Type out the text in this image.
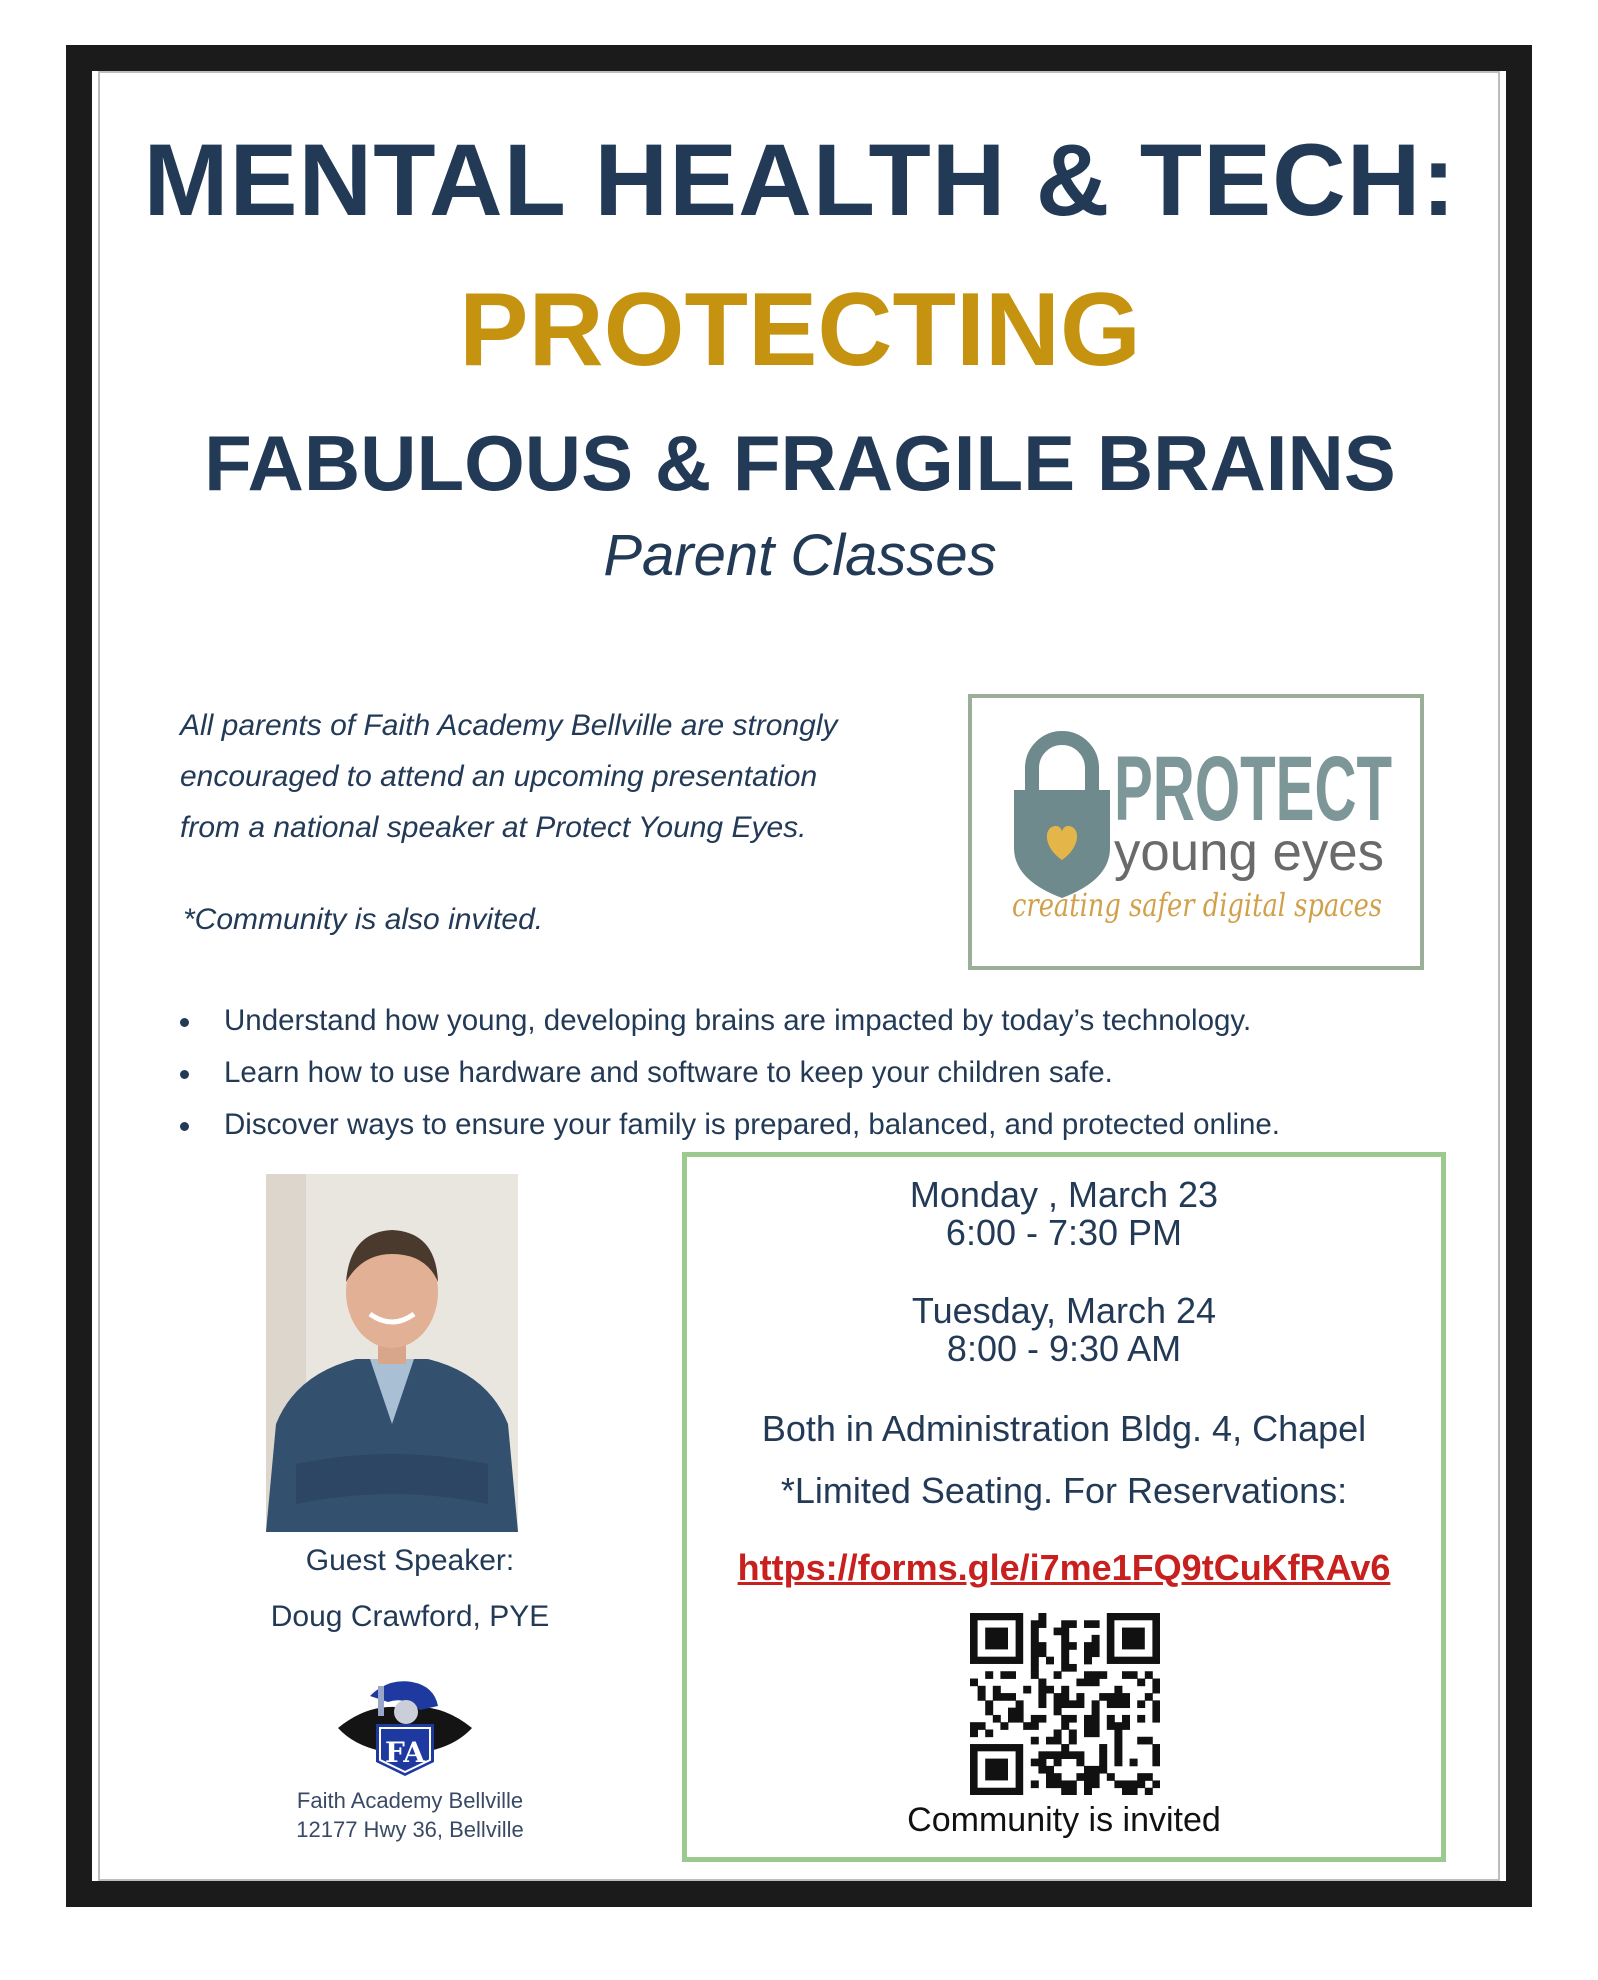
MENTAL HEALTH & TECH:
PROTECTING
FABULOUS & FRAGILE BRAINS
Parent Classes

All parents of Faith Academy Bellville are strongly

encouraged to attend an upcoming presentation

from a national speaker at Protect Young Eyes.

*Community is also invited.
PROTECT
young eyes
creating safer digital spaces
Understand how young, developing brains are impacted by today’s technology.
Learn how to use hardware and software to keep your children safe.
Discover ways to ensure your family is prepared, balanced, and protected online.
Guest Speaker:
Doug Crawford, PYE
FA
Faith Academy Bellville
12177 Hwy 36, Bellville
Monday , March 23
6:00 - 7:30 PM
Tuesday, March 24
8:00 - 9:30 AM
Both in Administration Bldg. 4, Chapel
*Limited Seating. For Reservations:
https://forms.gle/i7me1FQ9tCuKfRAv6
Community is invited
